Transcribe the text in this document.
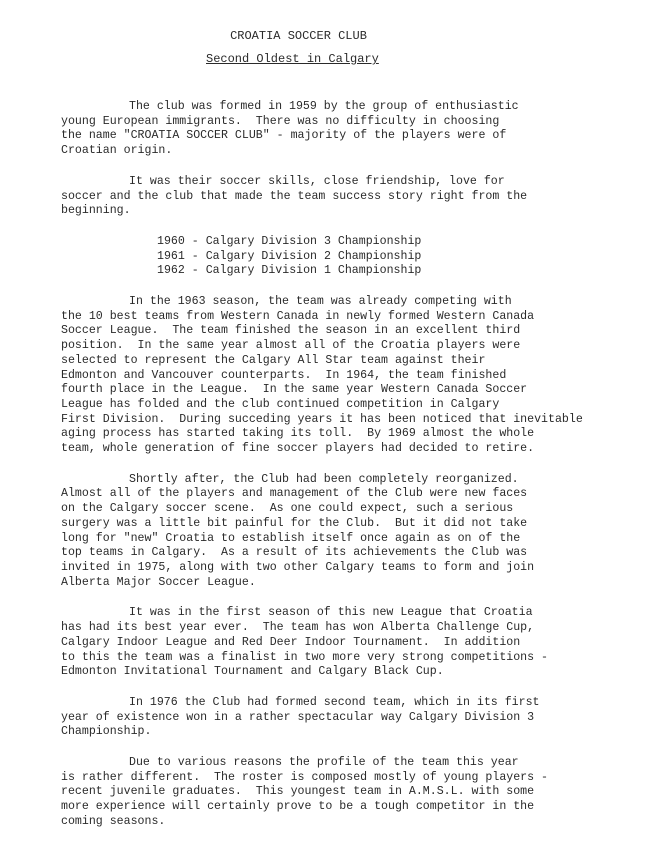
CROATIA SOCCER CLUB
Second Oldest in Calgary
The club was formed in 1959 by the group of enthusiastic
young European immigrants.  There was no difficulty in choosing
the name "CROATIA SOCCER CLUB" - majority of the players were of
Croatian origin.
It was their soccer skills, close friendship, love for
soccer and the club that made the team success story right from the
beginning.
1960 - Calgary Division 3 Championship
1961 - Calgary Division 2 Championship
1962 - Calgary Division 1 Championship
In the 1963 season, the team was already competing with
the 10 best teams from Western Canada in newly formed Western Canada
Soccer League.  The team finished the season in an excellent third
position.  In the same year almost all of the Croatia players were
selected to represent the Calgary All Star team against their
Edmonton and Vancouver counterparts.  In 1964, the team finished
fourth place in the League.  In the same year Western Canada Soccer
League has folded and the club continued competition in Calgary
First Division.  During succeding years it has been noticed that inevitable
aging process has started taking its toll.  By 1969 almost the whole
team, whole generation of fine soccer players had decided to retire.
Shortly after, the Club had been completely reorganized.
Almost all of the players and management of the Club were new faces
on the Calgary soccer scene.  As one could expect, such a serious
surgery was a little bit painful for the Club.  But it did not take
long for "new" Croatia to establish itself once again as on of the
top teams in Calgary.  As a result of its achievements the Club was
invited in 1975, along with two other Calgary teams to form and join
Alberta Major Soccer League.
It was in the first season of this new League that Croatia
has had its best year ever.  The team has won Alberta Challenge Cup,
Calgary Indoor League and Red Deer Indoor Tournament.  In addition
to this the team was a finalist in two more very strong competitions -
Edmonton Invitational Tournament and Calgary Black Cup.
In 1976 the Club had formed second team, which in its first
year of existence won in a rather spectacular way Calgary Division 3
Championship.
Due to various reasons the profile of the team this year
is rather different.  The roster is composed mostly of young players -
recent juvenile graduates.  This youngest team in A.M.S.L. with some
more experience will certainly prove to be a tough competitor in the
coming seasons.
